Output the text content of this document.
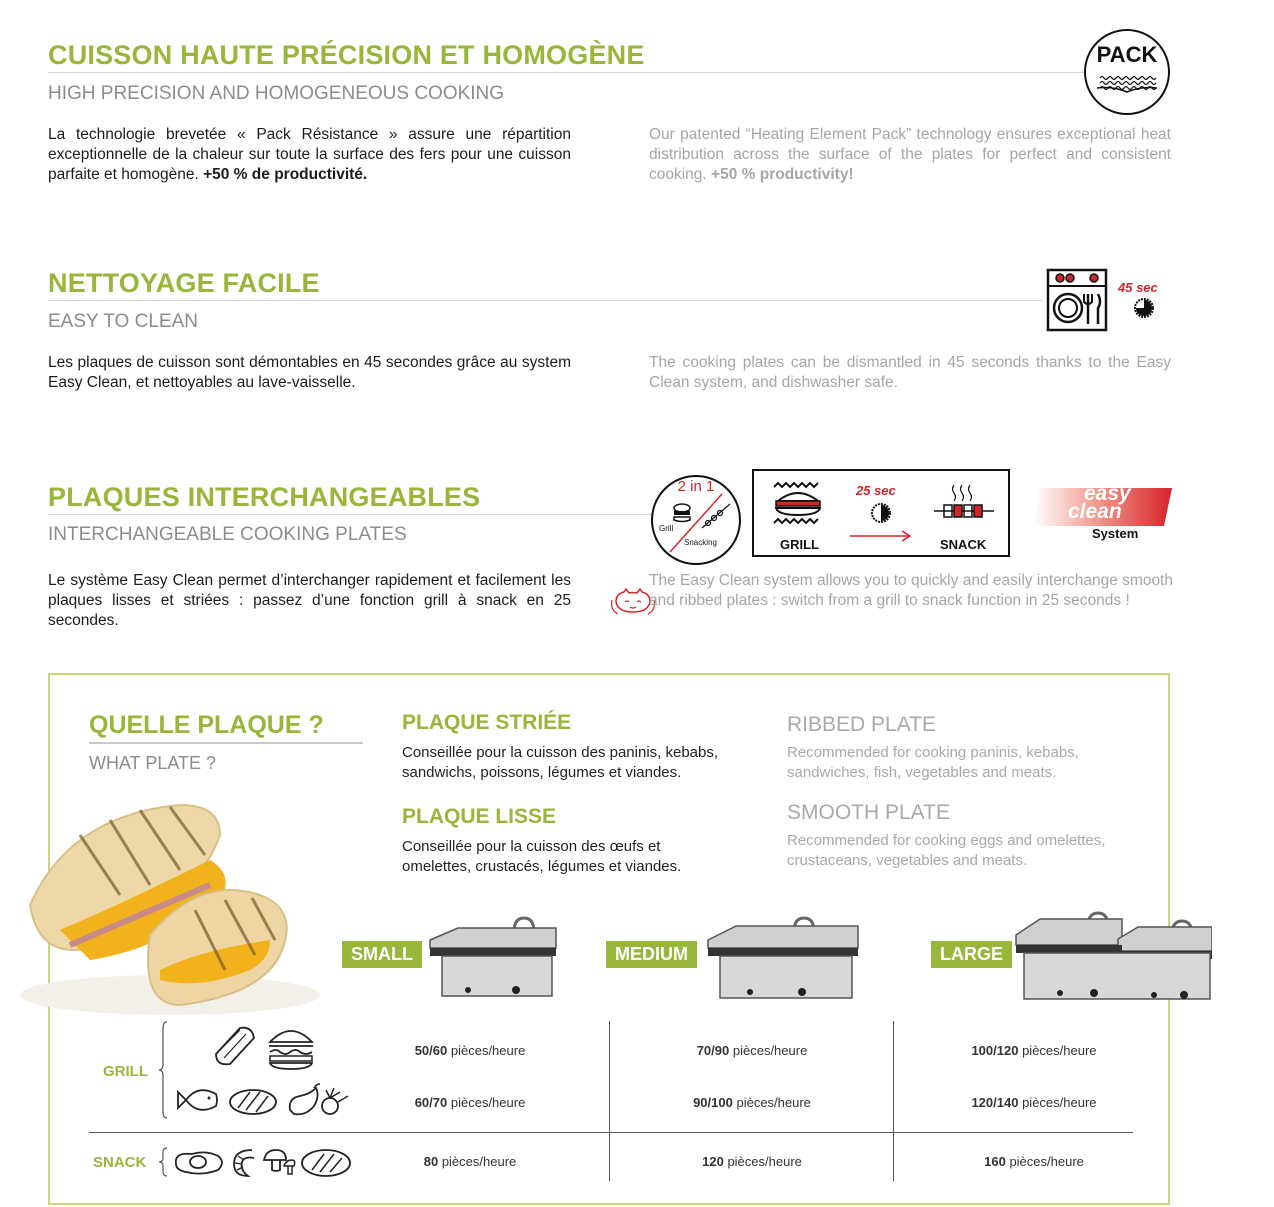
CUISSON HAUTE PRÉCISION ET HOMOGÈNE
HIGH PRECISION AND HOMOGENEOUS COOKING
PACK
La technologie brevetée « Pack Résistance » assure une répartition exceptionnelle de la chaleur sur toute la surface des fers pour une cuisson parfaite et homogène. +50 % de productivité.
Our patented “Heating Element Pack” technology ensures exceptional heat distribution across the surface of the plates for perfect and consistent cooking. +50 % productivity!
NETTOYAGE FACILE
EASY TO CLEAN
45 sec
Les plaques de cuisson sont démontables en 45 secondes grâce au system Easy Clean, et nettoyables au lave-vaisselle.
The cooking plates can be dismantled in 45 seconds thanks to the Easy Clean system, and dishwasher safe.
PLAQUES INTERCHANGEABLES
INTERCHANGEABLE COOKING PLATES
2 in 1
Grill
Snacking	GRILL
25 sec
SNACK
easy
clean
System
Le système Easy Clean permet d’interchanger rapidement et facilement les plaques lisses et striées : passez d’une fonction grill à snack en 25 secondes.
The Easy Clean system allows you to quickly and easily interchange smooth and ribbed plates : switch from a grill to snack function in 25 seconds !
QUELLE PLAQUE ?
WHAT PLATE ?
PLAQUE STRIÉE
Conseillée pour la cuisson des paninis, kebabs, sandwichs, poissons, légumes et viandes.
PLAQUE LISSE
Conseillée pour la cuisson des œufs et omelettes, crustacés, légumes et viandes.
RIBBED PLATE
Recommended for cooking paninis, kebabs, sandwiches, fish, vegetables and meats.
SMOOTH PLATE
Recommended for cooking eggs and omelettes, crustaceans, vegetables and meats.
SMALL	MEDIUM	LARGE
GRILL
SNACK
50/60 pièces/heure	70/90 pièces/heure	100/120 pièces/heure
60/70 pièces/heure	90/100 pièces/heure	120/140 pièces/heure
80 pièces/heure	120 pièces/heure	160 pièces/heure
